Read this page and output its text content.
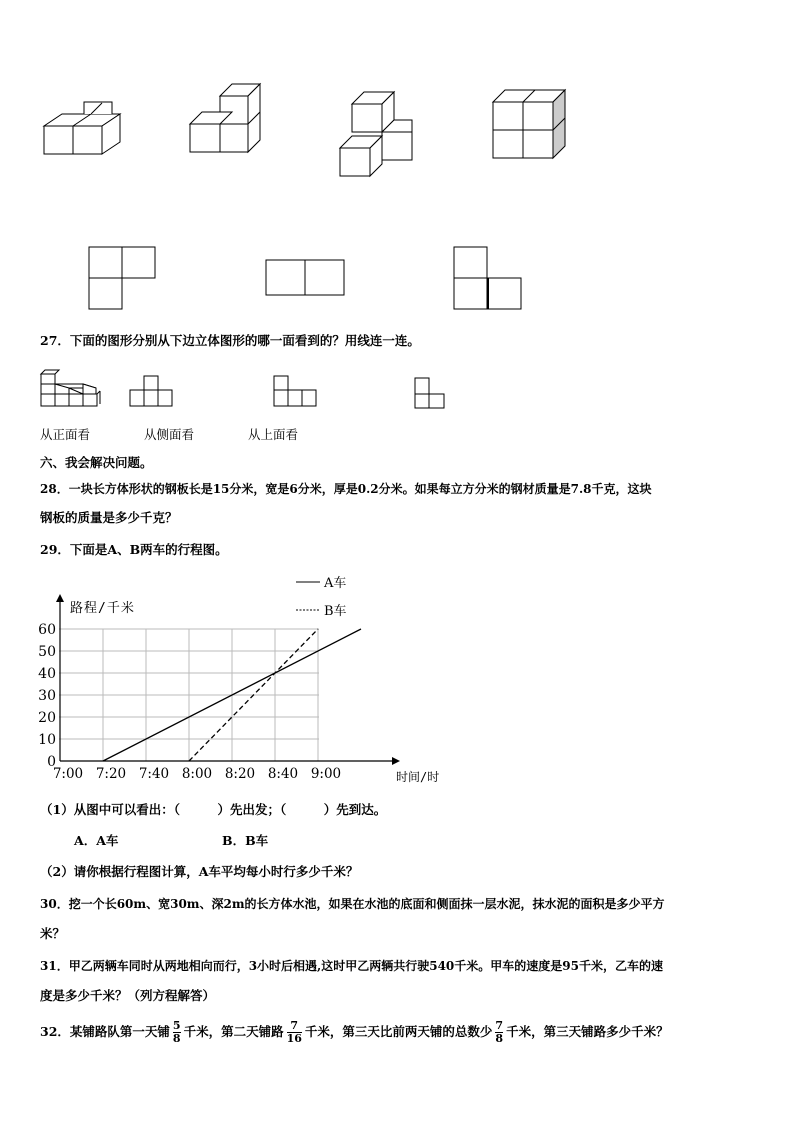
27．下面的图形分别从下边立体图形的哪一面看到的？用线连一连。
从正面看	从侧面看	从上面看
六、我会解决问题。
28．一块长方体形状的钢板长是15分米，宽是6分米，厚是0.2分米。如果每立方分米的钢材质量是7.8千克，这块
钢板的质量是多少千克？
29．下面是A、B两车的行程图。
0
10
20
30
40
50
60
7:00 7:20 7:40 8:00 8:20 8:40 9:00
路程/千米
时间/时
A车
B车
（1）从图中可以看出：（　　　）先出发；（　　　）先到达。
A．A车	B．B车
（2）请你根据行程图计算，A车平均每小时行多少千米？
30．挖一个长60m、宽30m、深2m的长方体水池，如果在水池的底面和侧面抹一层水泥，抹水泥的面积是多少平方
米？
31．甲乙两辆车同时从两地相向而行，3小时后相遇,这时甲乙两辆共行驶540千米。甲车的速度是95千米，乙车的速
度是多少千米？（列方程解答）
32．某铺路队第一天铺 $\frac{5}{8}$ 千米，第二天铺路 $\frac{7}{16}$ 千米，第三天比前两天铺的总数少 $\frac{7}{8}$ 千米，第三天铺路多少千米？
